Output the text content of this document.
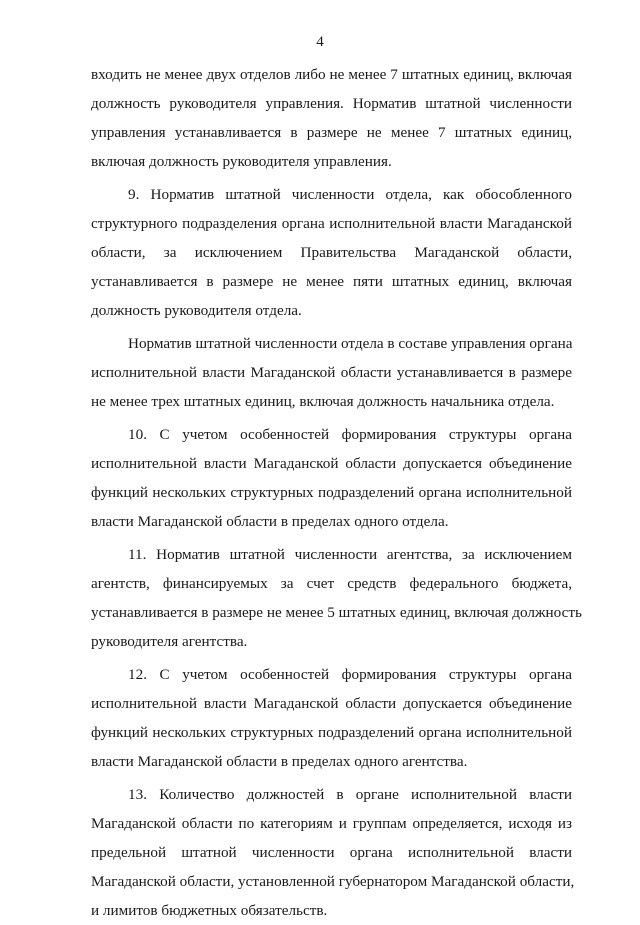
4
входить не менее двух отделов либо не менее 7 штатных единиц, включая
должность руководителя управления. Норматив штатной численности
управления устанавливается в размере не менее 7 штатных единиц,
включая должность руководителя управления.
9. Норматив штатной численности отдела, как обособленного
структурного подразделения органа исполнительной власти Магаданской
области, за исключением Правительства Магаданской области,
устанавливается в размере не менее пяти штатных единиц, включая
должность руководителя отдела.
Норматив штатной численности отдела в составе управления органа
исполнительной власти Магаданской области устанавливается в размере
не менее трех штатных единиц, включая должность начальника отдела.
10. С учетом особенностей формирования структуры органа
исполнительной власти Магаданской области допускается объединение
функций нескольких структурных подразделений органа исполнительной
власти Магаданской области в пределах одного отдела.
11. Норматив штатной численности агентства, за исключением
агентств, финансируемых за счет средств федерального бюджета,
устанавливается в размере не менее 5 штатных единиц, включая должность
руководителя агентства.
12. С учетом особенностей формирования структуры органа
исполнительной власти Магаданской области допускается объединение
функций нескольких структурных подразделений органа исполнительной
власти Магаданской области в пределах одного агентства.
13. Количество должностей в органе исполнительной власти
Магаданской области по категориям и группам определяется, исходя из
предельной штатной численности органа исполнительной власти
Магаданской области, установленной губернатором Магаданской области,
и лимитов бюджетных обязательств.
